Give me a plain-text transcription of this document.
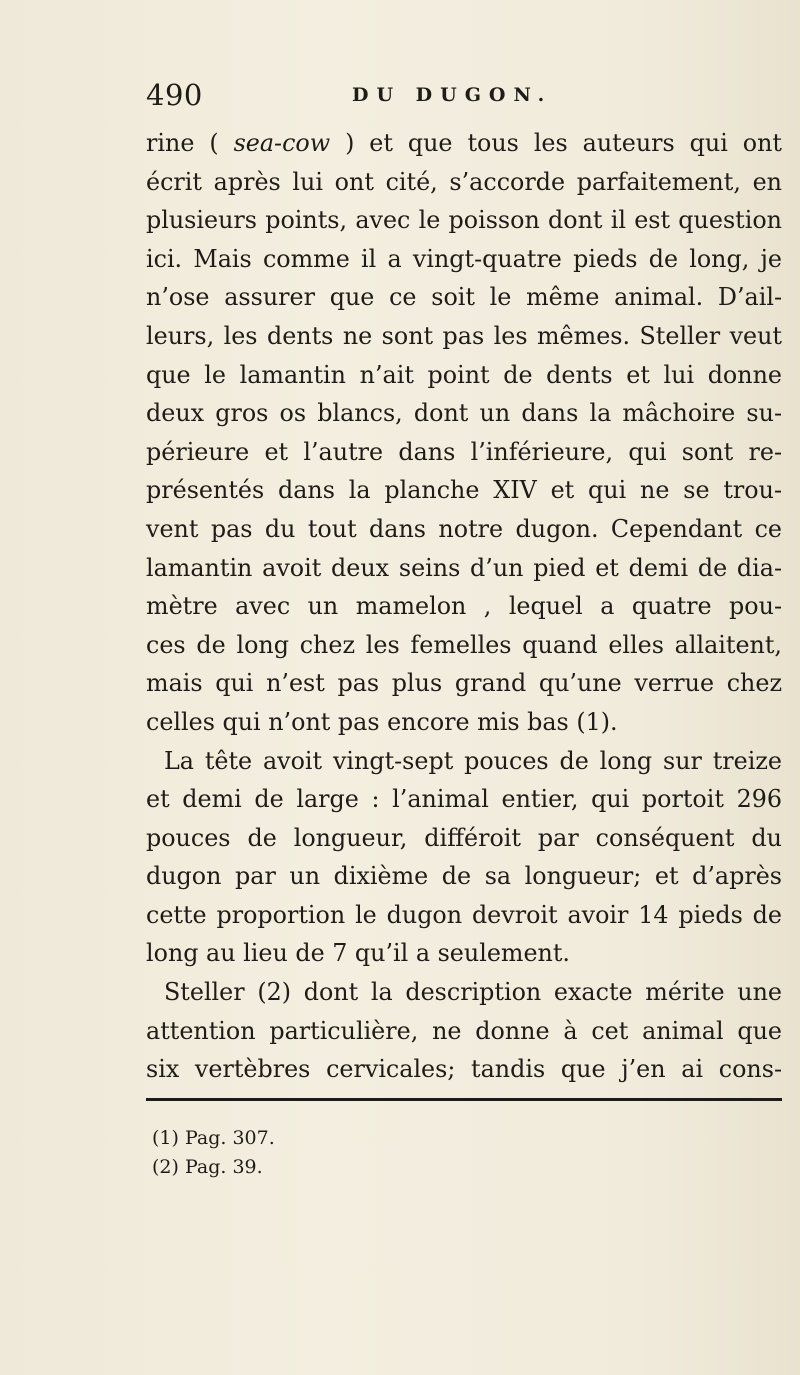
490	DU DUGON.
rine ( sea-cow ) et que tous les auteurs qui ont
écrit après lui ont cité, s’accorde parfaitement, en
plusieurs points, avec le poisson dont il est question
ici. Mais comme il a vingt-quatre pieds de long, je
n’ose assurer que ce soit le même animal. D’ail-
leurs, les dents ne sont pas les mêmes. Steller veut
que le lamantin n’ait point de dents et lui donne
deux gros os blancs, dont un dans la mâchoire su-
périeure et l’autre dans l’inférieure, qui sont re-
présentés dans la planche XIV et qui ne se trou-
vent pas du tout dans notre dugon. Cependant ce
lamantin avoit deux seins d’un pied et demi de dia-
mètre avec un mamelon , lequel a quatre pou-
ces de long chez les femelles quand elles allaitent,
mais qui n’est pas plus grand qu’une verrue chez
celles qui n’ont pas encore mis bas (1).
La tête avoit vingt-sept pouces de long sur treize
et demi de large : l’animal entier, qui portoit 296
pouces de longueur, différoit par conséquent du
dugon par un dixième de sa longueur; et d’après
cette proportion le dugon devroit avoir 14 pieds de
long au lieu de 7 qu’il a seulement.
Steller (2) dont la description exacte mérite une
attention particulière, ne donne à cet animal que
six vertèbres cervicales; tandis que j’en ai cons-
(1) Pag. 307.
(2) Pag. 39.
